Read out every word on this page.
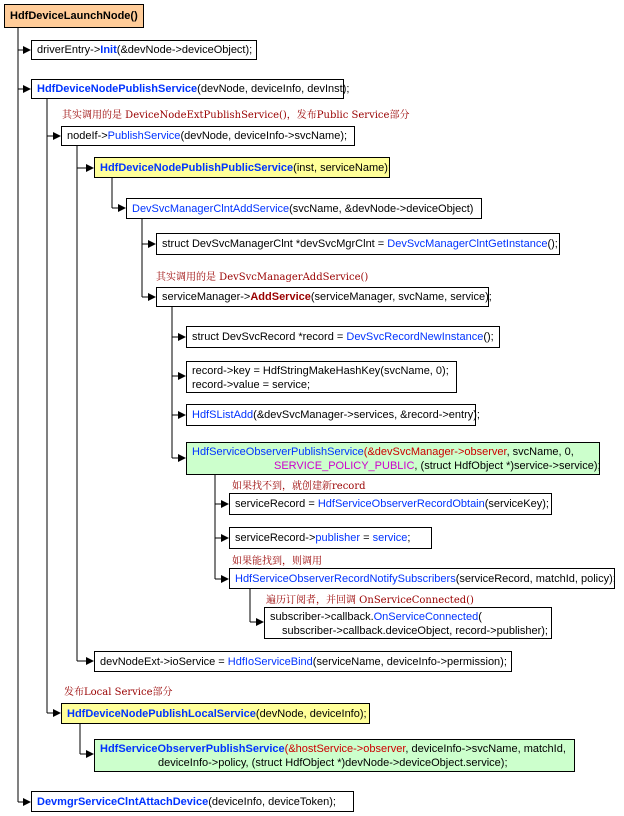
HdfDeviceLaunchNode()
driverEntry->Init(&devNode->deviceObject);
HdfDeviceNodePublishService(devNode, deviceInfo, devInst);
其实调用的是 DeviceNodeExtPublishService()，发布Public Service部分
nodeIf->PublishService(devNode, deviceInfo->svcName);
HdfDeviceNodePublishPublicService(inst, serviceName);
DevSvcManagerClntAddService(svcName, &devNode->deviceObject)
struct DevSvcManagerClnt *devSvcMgrClnt = DevSvcManagerClntGetInstance();
其实调用的是 DevSvcManagerAddService()
serviceManager->AddService(serviceManager, svcName, service);
struct DevSvcRecord *record = DevSvcRecordNewInstance();
record->key = HdfStringMakeHashKey(svcName, 0);
record->value = service;
HdfSListAdd(&devSvcManager->services, &record->entry);
HdfServiceObserverPublishService(&devSvcManager->observer, svcName, 0,
SERVICE_POLICY_PUBLIC, (struct HdfObject *)service->service);
如果找不到，就创建新record
serviceRecord = HdfServiceObserverRecordObtain(serviceKey);
serviceRecord->publisher = service;
如果能找到，则调用
HdfServiceObserverRecordNotifySubscribers(serviceRecord, matchId, policy);
遍历订阅者，并回调 OnServiceConnected()
subscriber->callback.OnServiceConnected(
subscriber->callback.deviceObject, record->publisher);
devNodeExt->ioService = HdfIoServiceBind(serviceName, deviceInfo->permission);
发布Local Service部分
HdfDeviceNodePublishLocalService(devNode, deviceInfo);
HdfServiceObserverPublishService(&hostService->observer, deviceInfo->svcName, matchId,
deviceInfo->policy, (struct HdfObject *)devNode->deviceObject.service);
DevmgrServiceClntAttachDevice(deviceInfo, deviceToken);
